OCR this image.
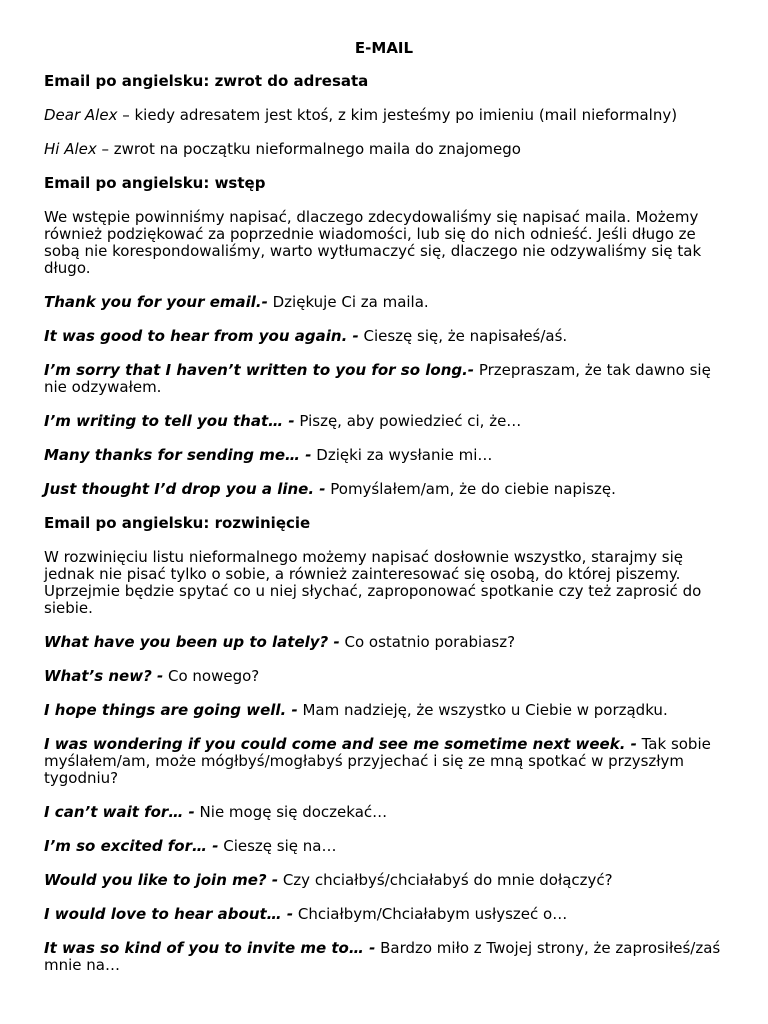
E-MAIL
Email po angielsku: zwrot do adresata
Dear Alex – kiedy adresatem jest ktoś, z kim jesteśmy po imieniu (mail nieformalny)
Hi Alex – zwrot na początku nieformalnego maila do znajomego
Email po angielsku: wstęp
We wstępie powinniśmy napisać, dlaczego zdecydowaliśmy się napisać maila. Możemy również podziękować za poprzednie wiadomości, lub się do nich odnieść. Jeśli długo ze sobą nie korespondowaliśmy, warto wytłumaczyć się, dlaczego nie odzywaliśmy się tak długo.
Thank you for your email.- Dziękuje Ci za maila.
It was good to hear from you again. - Cieszę się, że napisałeś/aś.
I’m sorry that I haven’t written to you for so long.- Przepraszam, że tak dawno się nie odzywałem.
I’m writing to tell you that… - Piszę, aby powiedzieć ci, że…
Many thanks for sending me… - Dzięki za wysłanie mi…
Just thought I’d drop you a line. - Pomyślałem/am, że do ciebie napiszę.
Email po angielsku: rozwinięcie
W rozwinięciu listu nieformalnego możemy napisać dosłownie wszystko, starajmy się jednak nie pisać tylko o sobie, a również zainteresować się osobą, do której piszemy. Uprzejmie będzie spytać co u niej słychać, zaproponować spotkanie czy też zaprosić do siebie.
What have you been up to lately? - Co ostatnio porabiasz?
What’s new? - Co nowego?
I hope things are going well. - Mam nadzieję, że wszystko u Ciebie w porządku.
I was wondering if you could come and see me sometime next week. - Tak sobie myślałem/am, może mógłbyś/mogłabyś przyjechać i się ze mną spotkać w przyszłym tygodniu?
I can’t wait for… - Nie mogę się doczekać…
I’m so excited for… - Cieszę się na…
Would you like to join me? - Czy chciałbyś/chciałabyś do mnie dołączyć?
I would love to hear about… - Chciałbym/Chciałabym usłyszeć o…
It was so kind of you to invite me to… - Bardzo miło z Twojej strony, że zaprosiłeś/zaś mnie na…
